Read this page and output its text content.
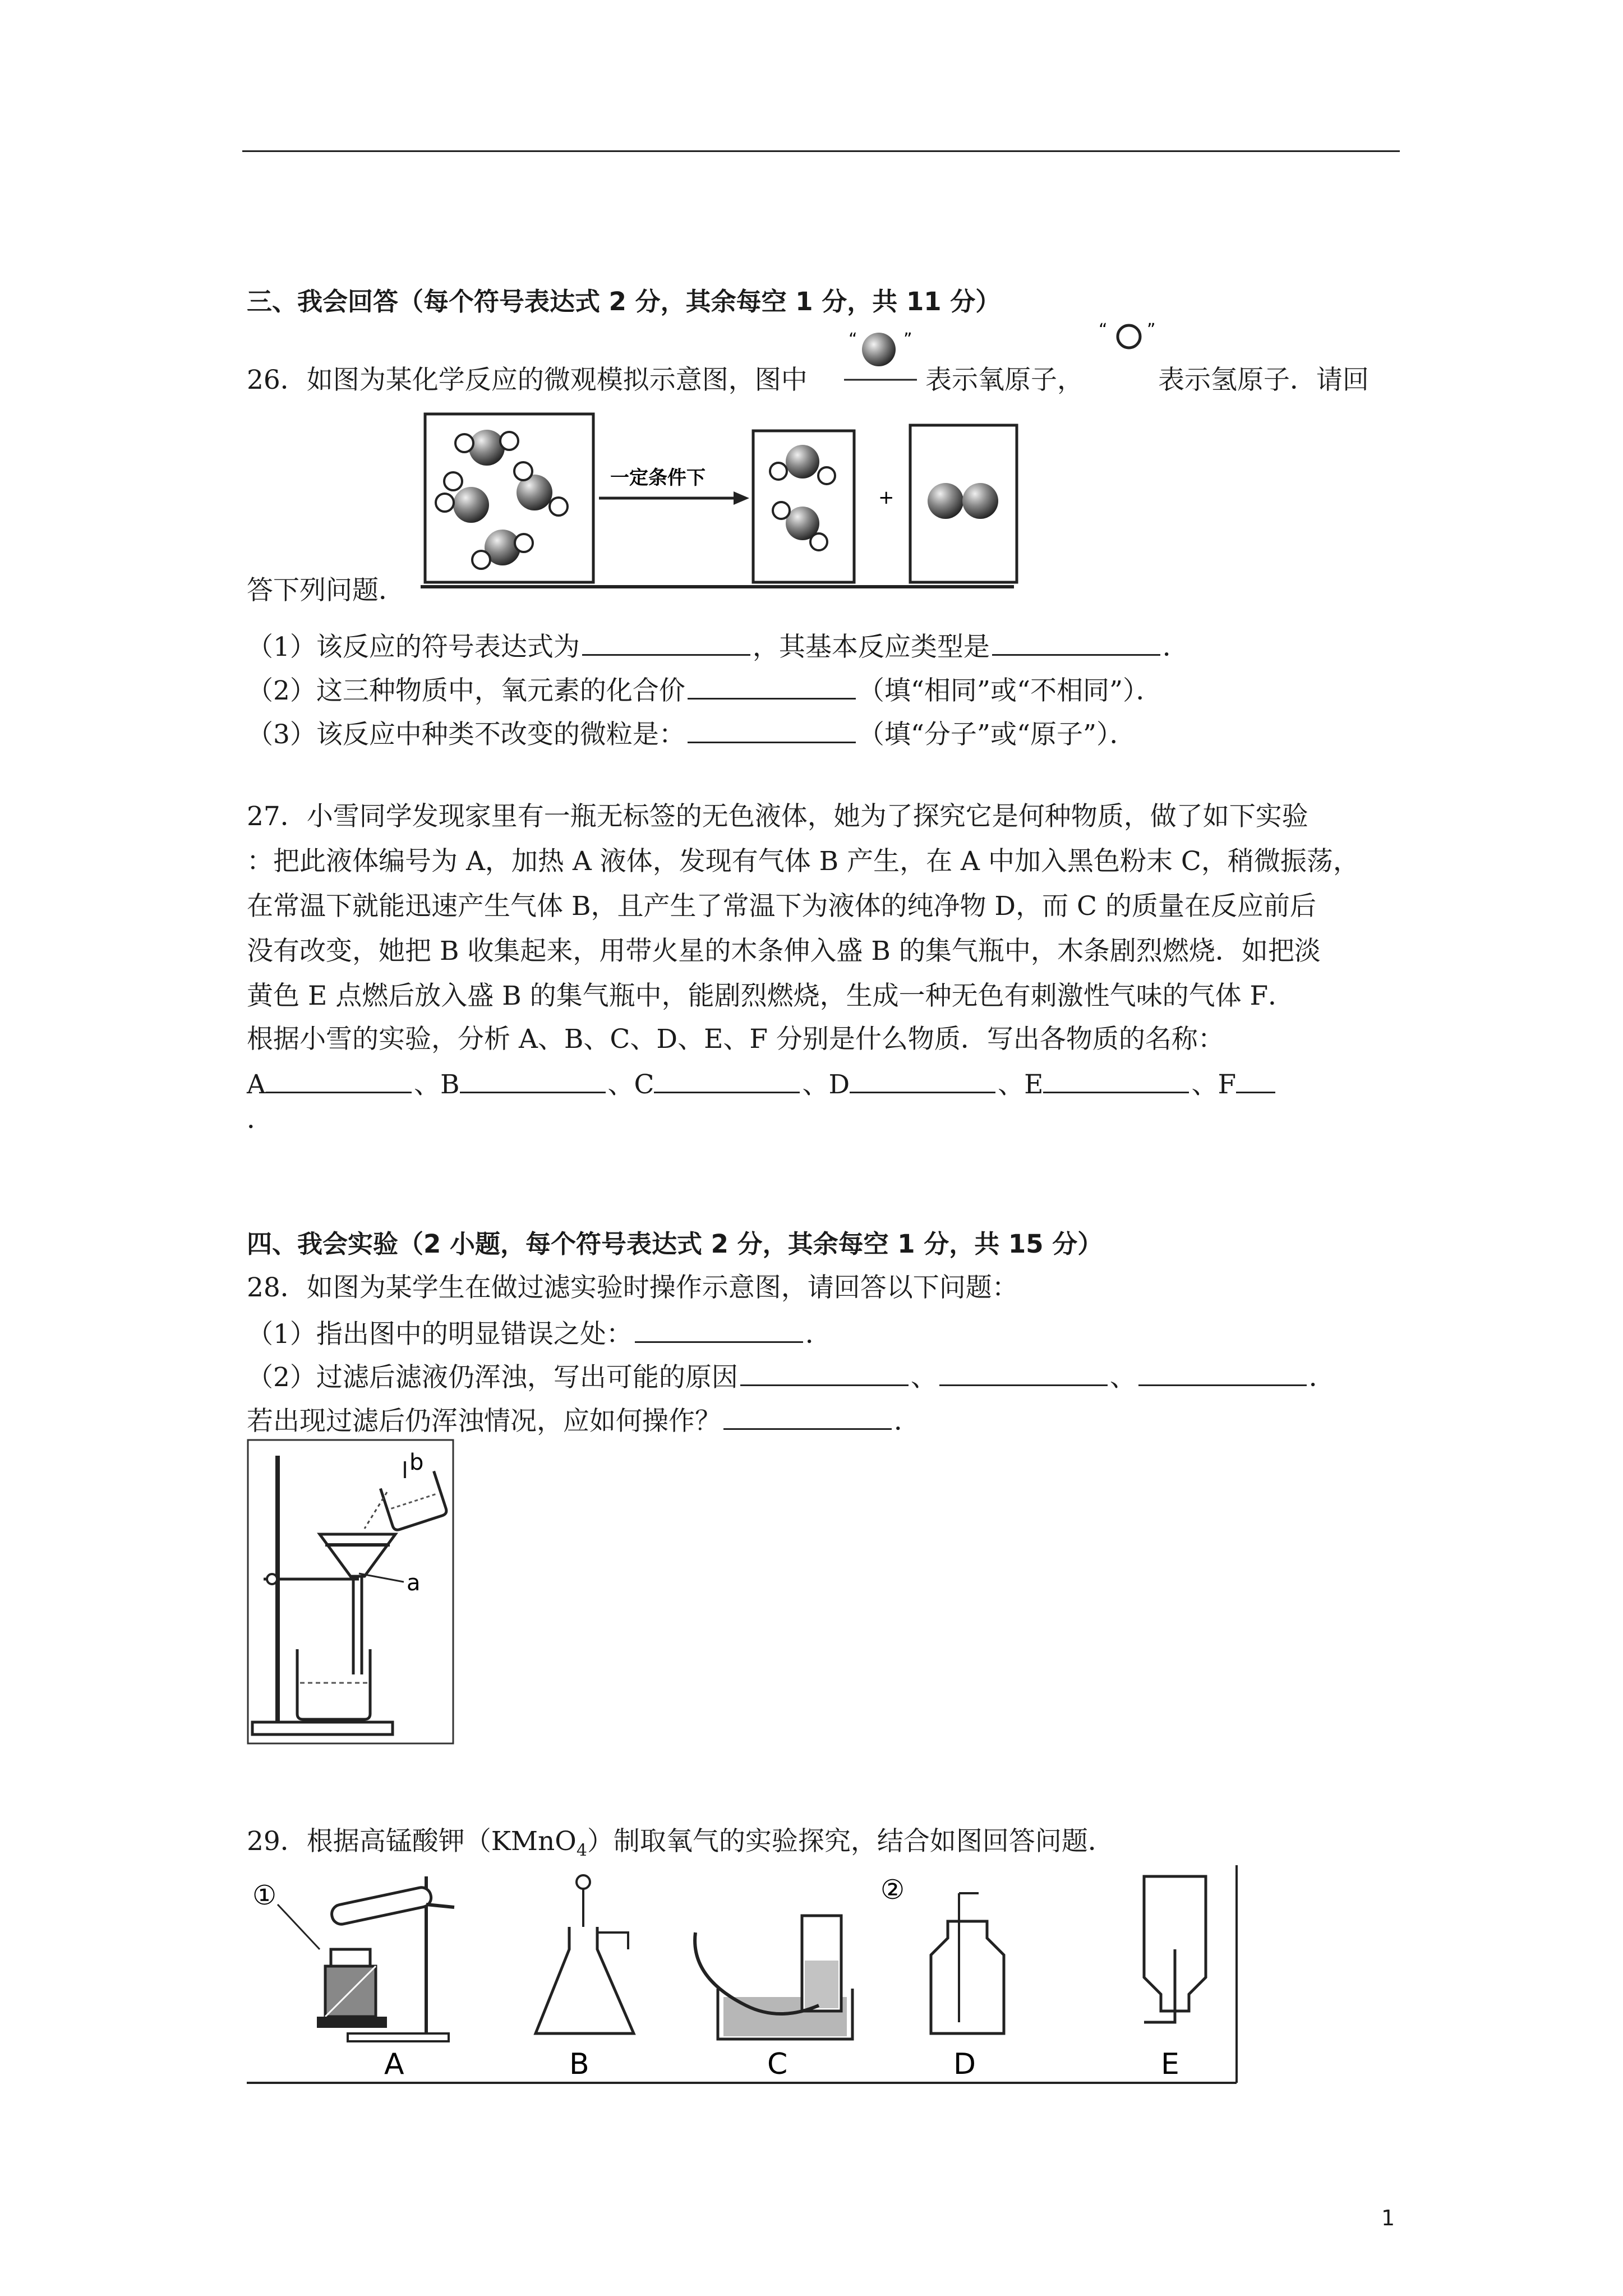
三、我会回答（每个符号表达式 2 分，其余每空 1 分，共 11 分）
26．如图为某化学反应的微观模拟示意图，图中
“	”
表示氧原子，
“ ”
表示氢原子．请回
一定条件下
+
答下列问题．
（1）该反应的符号表达式为	，其基本反应类型是	．
（2）这三种物质中，氧元素的化合价	（填“相同”或“不相同”）．
（3）该反应中种类不改变的微粒是：	（填“分子”或“原子”）．
27．小雪同学发现家里有一瓶无标签的无色液体，她为了探究它是何种物质，做了如下实验
：把此液体编号为 A，加热 A 液体，发现有气体 B 产生，在 A 中加入黑色粉末 C，稍微振荡，
在常温下就能迅速产生气体 B，且产生了常温下为液体的纯净物 D，而 C 的质量在反应前后
没有改变，她把 B 收集起来，用带火星的木条伸入盛 B 的集气瓶中，木条剧烈燃烧．如把淡
黄色 E 点燃后放入盛 B 的集气瓶中，能剧烈燃烧，生成一种无色有刺激性气味的气体 F．
根据小雪的实验，分析 A、B、C、D、E、F 分别是什么物质．写出各物质的名称：
A	、B	、C	、D	、E	、F
．
四、我会实验（2 小题，每个符号表达式 2 分，其余每空 1 分，共 15 分）
28．如图为某学生在做过滤实验时操作示意图，请回答以下问题：
（1）指出图中的明显错误之处：	．
（2）过滤后滤液仍浑浊，写出可能的原因	、	、	．
若出现过滤后仍浑浊情况，应如何操作？	．
b
a
29．根据高锰酸钾（KMnO$_4$）制取氧气的实验探究，结合如图回答问题．
①
A	B
②
C	D	E
1
